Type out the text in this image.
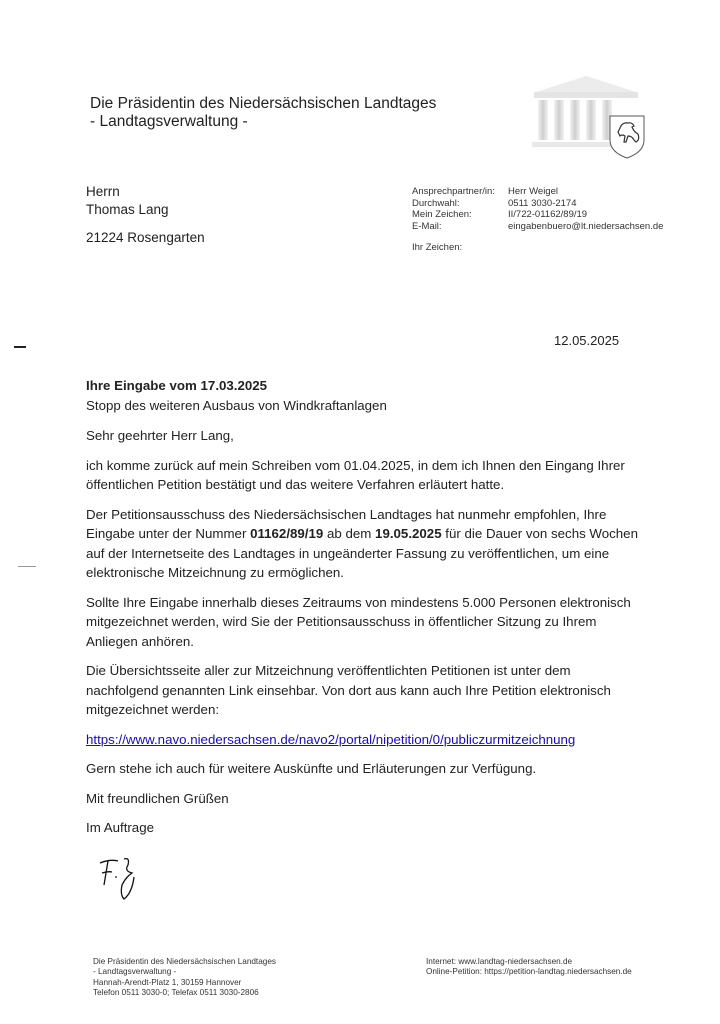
Die Präsidentin des Niedersächsischen Landtages
- Landtagsverwaltung -
Herrn
Thomas Lang
21224 Rosengarten
Ansprechpartner/in:	Herr Weigel
Durchwahl:	0511 3030-2174
Mein Zeichen:	II/722-01162/89/19
E-Mail:	eingabenbuero@lt.niedersachsen.de
Ihr Zeichen:
12.05.2025

Ihre Eingabe vom 17.03.2025

Stopp des weiteren Ausbaus von Windkraftanlagen

Sehr geehrter Herr Lang,

ich komme zurück auf mein Schreiben vom 01.04.2025, in dem ich Ihnen den Eingang Ihrer öffentlichen Petition bestätigt und das weitere Verfahren erläutert hatte.

Der Petitionsausschuss des Niedersächsischen Landtages hat nunmehr empfohlen, Ihre Eingabe unter der Nummer 01162/89/19 ab dem 19.05.2025 für die Dauer von sechs Wochen auf der Internetseite des Landtages in ungeänderter Fassung zu veröffentlichen, um eine elektronische Mitzeichnung zu ermöglichen.

Sollte Ihre Eingabe innerhalb dieses Zeitraums von mindestens 5.000 Personen elektronisch mitgezeichnet werden, wird Sie der Petitionsausschuss in öffentlicher Sitzung zu Ihrem Anliegen anhören.

Die Übersichtsseite aller zur Mitzeichnung veröffentlichten Petitionen ist unter dem nachfolgend genannten Link einsehbar. Von dort aus kann auch Ihre Petition elektronisch mitgezeichnet werden:

https://www.navo.niedersachsen.de/navo2/portal/nipetition/0/publiczurmitzeichnung

Gern stehe ich auch für weitere Auskünfte und Erläuterungen zur Verfügung.

Mit freundlichen Grüßen

Im Auftrage

Die Präsidentin des Niedersächsischen Landtages
- Landtagsverwaltung -
Hannah-Arendt-Platz 1, 30159 Hannover
Telefon 0511 3030-0; Telefax 0511 3030-2806
Internet: www.landtag-niedersachsen.de
Online-Petition: https://petition-landtag.niedersachsen.de
